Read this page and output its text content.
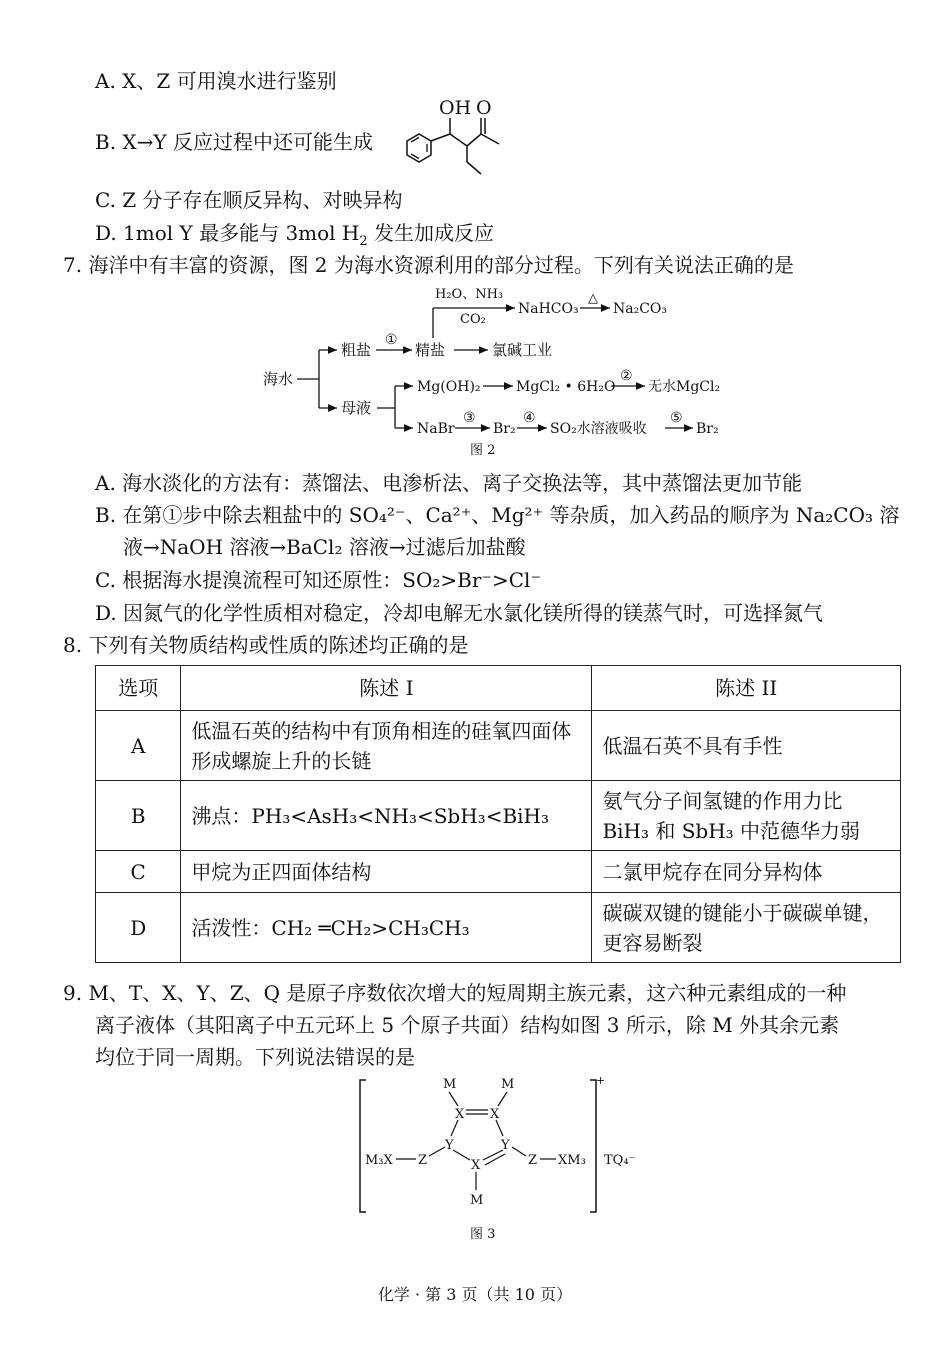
A. X、Z 可用溴水进行鉴别
B. X→Y 反应过程中还可能生成
OH O
C. Z 分子存在顺反异构、对映异构
D. 1mol Y 最多能与 3mol $H_2$ 发生加成反应
7. 海洋中有丰富的资源，图 2 为海水资源利用的部分过程。下列有关说法正确的是
海水
粗盐
①
精盐
H₂O、NH₃
CO₂
NaHCO₃
△
Na₂CO₃
氯碱工业
母液
Mg(OH)₂	MgCl₂ • 6H₂O
②
无水MgCl₂
NaBr
③
Br₂
④
SO₂水溶液吸收
⑤
Br₂
图 2
A. 海水淡化的方法有：蒸馏法、电渗析法、离子交换法等，其中蒸馏法更加节能
B. 在第①步中除去粗盐中的 SO₄²⁻、Ca²⁺、Mg²⁺ 等杂质，加入药品的顺序为 Na₂CO₃ 溶
液→NaOH 溶液→BaCl₂ 溶液→过滤后加盐酸
C. 根据海水提溴流程可知还原性：SO₂>Br⁻>Cl⁻
D. 因氮气的化学性质相对稳定，冷却电解无水氯化镁所得的镁蒸气时，可选择氮气
8. 下列有关物质结构或性质的陈述均正确的是
选项	陈述 I	陈述 II
A	低温石英的结构中有顶角相连的硅氧四面体形成螺旋上升的长链	低温石英不具有手性
B	沸点：PH₃<AsH₃<NH₃<SbH₃<BiH₃	氨气分子间氢键的作用力比 BiH₃ 和 SbH₃ 中范德华力弱
C	甲烷为正四面体结构	二氯甲烷存在同分异构体
D	活泼性：CH₂ ═CH₂>CH₃CH₃	碳碳双键的键能小于碳碳单键，更容易断裂
9. M、T、X、Y、Z、Q 是原子序数依次增大的短周期主族元素，这六种元素组成的一种
离子液体（其阳离子中五元环上 5 个原子共面）结构如图 3 所示，除 M 外其余元素
均位于同一周期。下列说法错误的是
+
M	M
X X
Y	Y
X
M
M₃X Z	Z XM₃ TQ₄⁻
图 3
化学 · 第 3 页（共 10 页）
